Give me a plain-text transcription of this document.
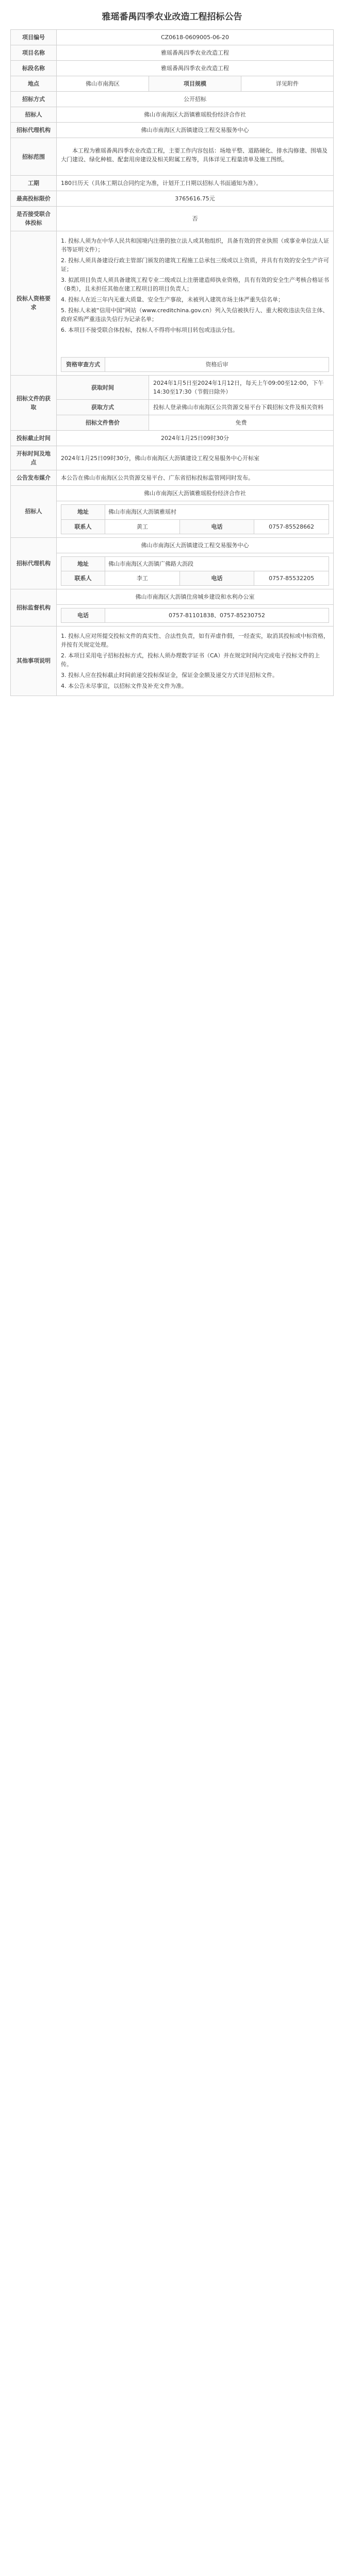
雅瑶番禺四季农业改造工程招标公告
项目编号	CZ0618-0609005-06-20
项目名称	雅瑶番禺四季农业改造工程
标段名称	雅瑶番禺四季农业改造工程
地点	佛山市南海区	项目规模	详见附件
招标方式	公开招标
招标人	佛山市南海区大沥镇雅瑶股份经济合作社
招标代理机构	佛山市南海区大沥镇建设工程交易服务中心
招标范围	

本工程为雅瑶番禺四季农业改造工程，主要工作内容包括：场地平整、道路硬化、排水沟修建、围墙及大门建设、绿化种植、配套用房建设及相关附属工程等，具体详见工程量清单及施工图纸。

工期	180日历天（具体工期以合同约定为准，计划开工日期以招标人书面通知为准）。
最高投标限价	3765616.75元
是否接受联合体投标	否
投标人资格要求	

1. 投标人须为在中华人民共和国境内注册的独立法人或其他组织，具备有效的营业执照（或事业单位法人证书等证明文件）；

2. 投标人须具备建设行政主管部门颁发的建筑工程施工总承包三级或以上资质，并具有有效的安全生产许可证；

3. 拟派项目负责人须具备建筑工程专业二级或以上注册建造师执业资格，具有有效的安全生产考核合格证书（B类），且未担任其他在建工程项目的项目负责人；

4. 投标人在近三年内无重大质量、安全生产事故，未被列入建筑市场主体严重失信名单；

5. 投标人未被“信用中国”网站（www.creditchina.gov.cn）列入失信被执行人、重大税收违法失信主体、政府采购严重违法失信行为记录名单；

6. 本项目不接受联合体投标，投标人不得将中标项目转包或违法分包。

资格审查方式	资格后审

招标文件的获取	获取时间	2024年1月5日至2024年1月12日，每天上午09:00至12:00，下午14:30至17:30（节假日除外）
获取方式	投标人登录佛山市南海区公共资源交易平台下载招标文件及相关资料
招标文件售价	免费
投标截止时间	2024年1月25日09时30分
开标时间及地点	2024年1月25日09时30分，佛山市南海区大沥镇建设工程交易服务中心开标室
公告发布媒介	本公告在佛山市南海区公共资源交易平台、广东省招标投标监管网同时发布。
招标人	佛山市南海区大沥镇雅瑶股份经济合作社

地址	佛山市南海区大沥镇雅瑶村
联系人	黄工	电话	0757-85528662

招标代理机构	佛山市南海区大沥镇建设工程交易服务中心

地址	佛山市南海区大沥镇广佛路大沥段
联系人	李工	电话	0757-85532205

招标监督机构	佛山市南海区大沥镇住房城乡建设和水利办公室

电话	0757-81101838、0757-85230752

其他事项说明	

1. 投标人应对所提交投标文件的真实性、合法性负责，如有弄虚作假，一经查实，取消其投标或中标资格，并按有关规定处理。

2. 本项目采用电子招标投标方式，投标人须办理数字证书（CA）并在规定时间内完成电子投标文件的上传。

3. 投标人应在投标截止时间前递交投标保证金，保证金金额及递交方式详见招标文件。

4. 本公告未尽事宜，以招标文件及补充文件为准。
